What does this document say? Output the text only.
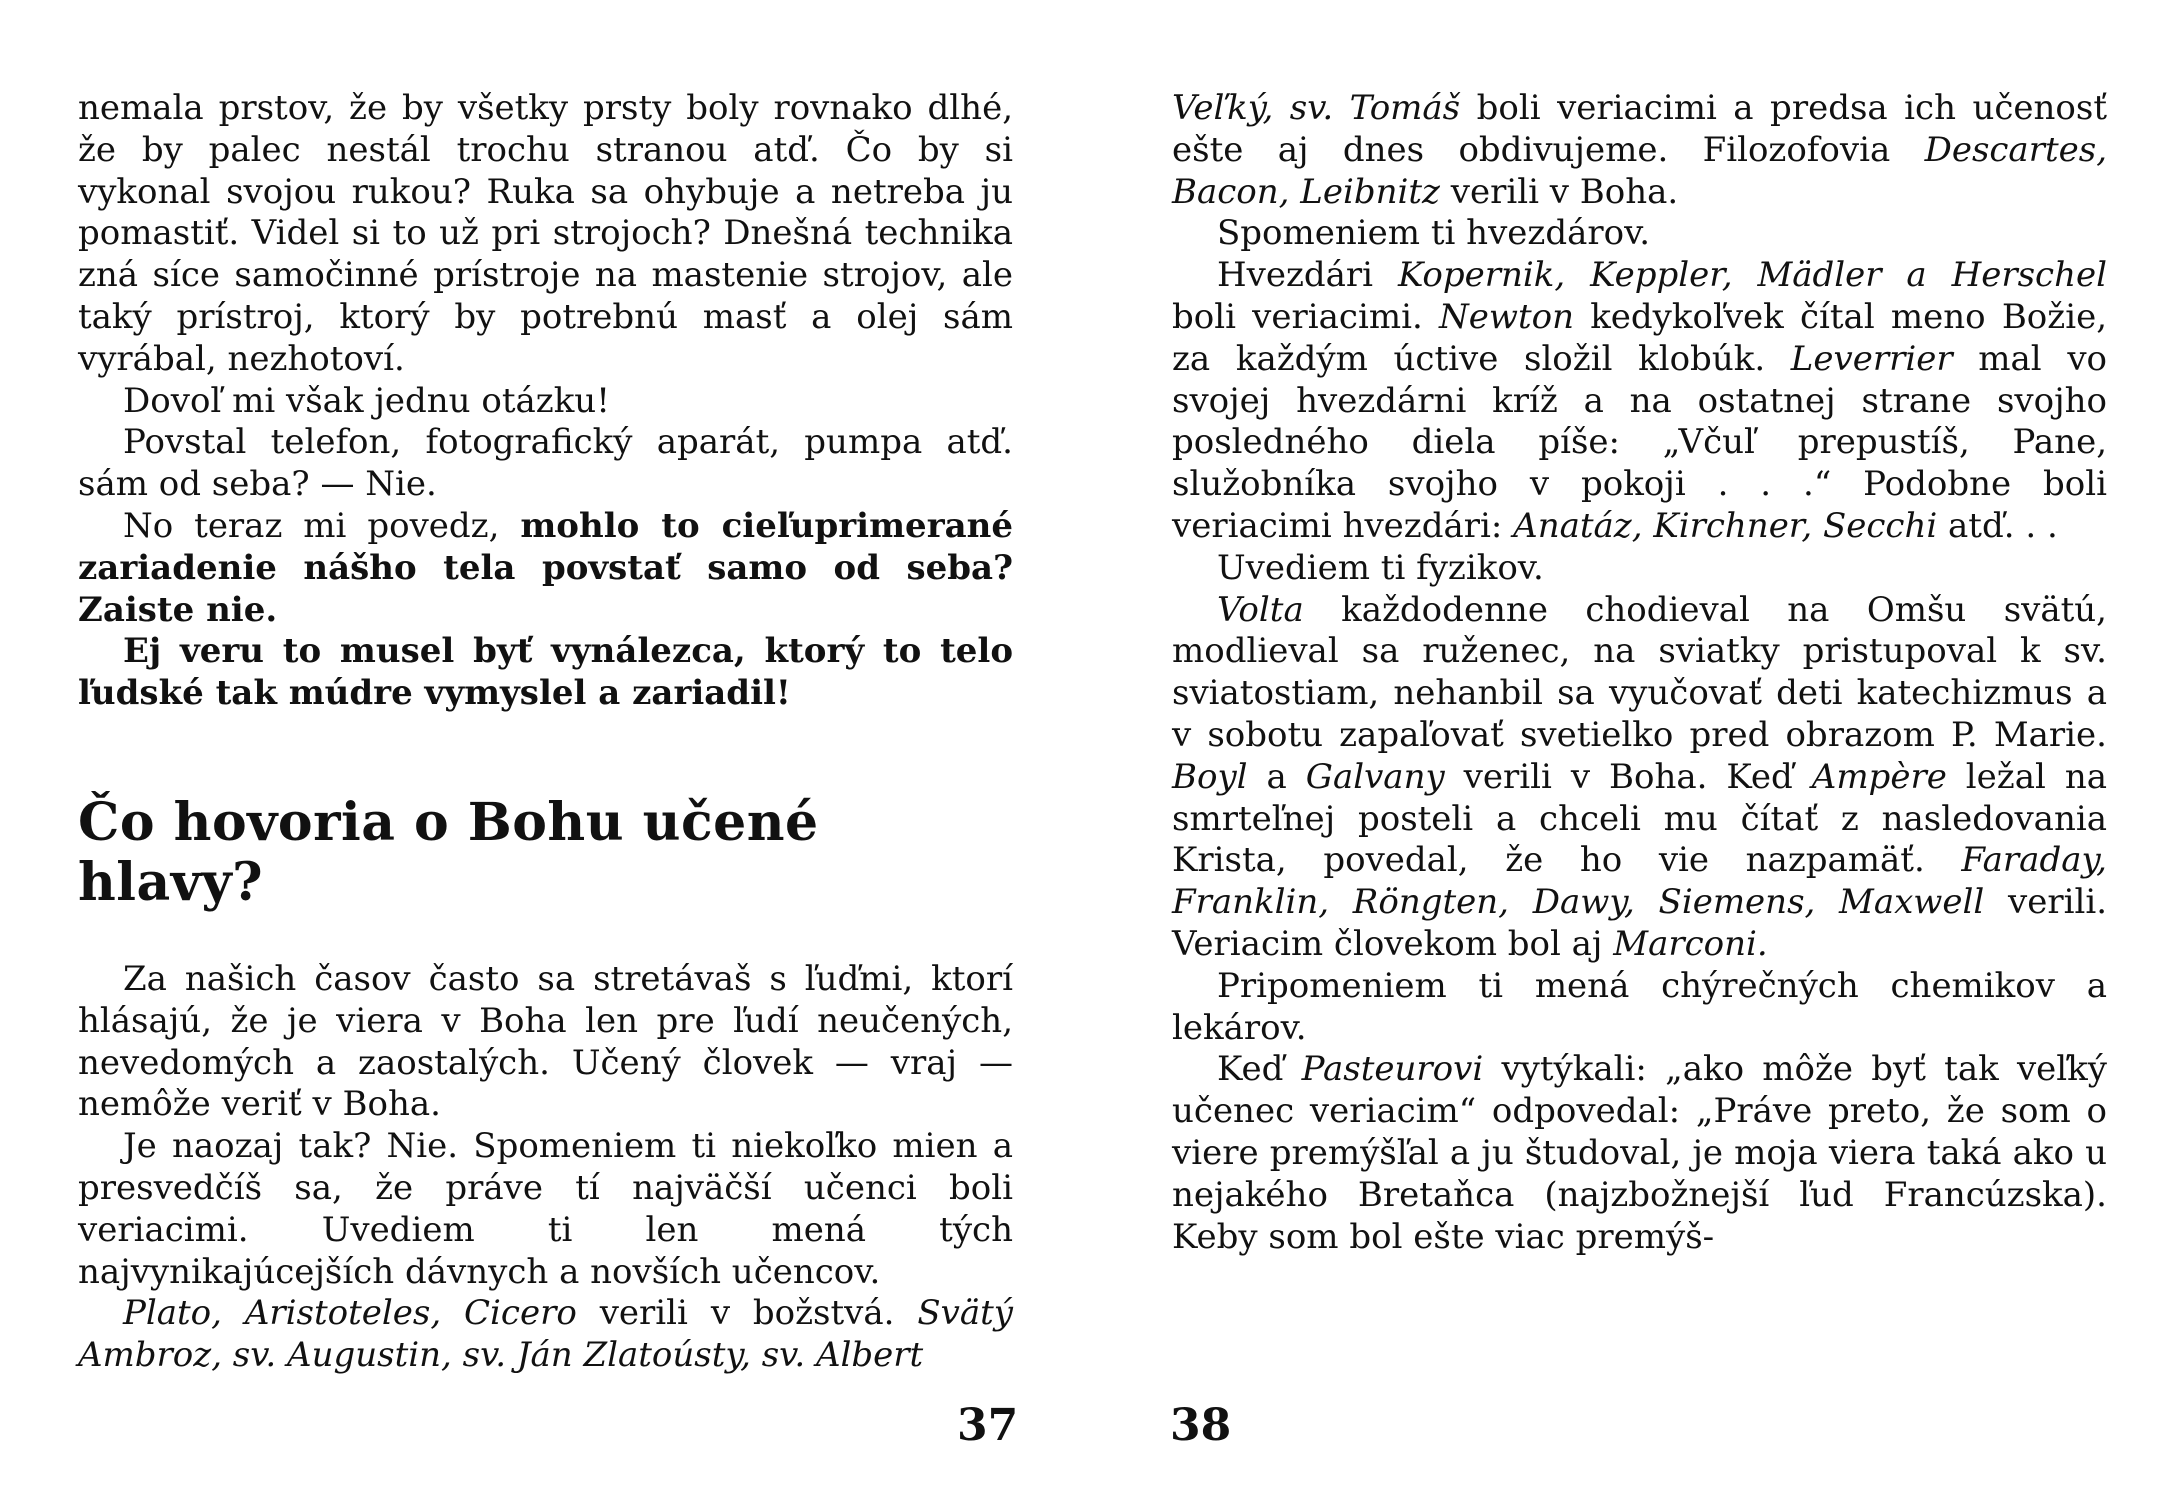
nemala prstov, že by všetky prsty boly rovnako dlhé, že by palec nestál trochu stranou atď. Čo by si vykonal svojou rukou? Ruka sa ohybuje a netreba ju pomastiť. Videl si to už pri strojoch? Dnešná technika zná síce samočinné prístroje na mastenie strojov, ale taký prístroj, ktorý by potrebnú masť a olej sám vyrábal, nezhotoví.

Dovoľ mi však jednu otázku!

Povstal telefon, fotografický aparát, pumpa atď. sám od seba? — Nie.

No teraz mi povedz, mohlo to cieľuprimerané zariadenie nášho tela povstať samo od seba? Zaiste nie.

Ej veru to musel byť vynálezca, ktorý to telo ľudské tak múdre vymyslel a zariadil!

Čo hovoria o Bohu učené hlavy?

Za našich časov často sa stretávaš s ľuďmi, ktorí hlásajú, že je viera v Boha len pre ľudí neučených, nevedomých a zaostalých. Učený človek — vraj — nemôže veriť v Boha.

Je naozaj tak? Nie. Spomeniem ti niekoľko mien a presvedčíš sa, že práve tí najväčší učenci boli veriacimi. Uvediem ti len mená tých najvynikajúcejších dávnych a novších učencov.

Plato, Aristoteles, Cicero verili v božstvá. Svätý Ambroz, sv. Augustin, sv. Ján Zlatoústy, sv. Albert

37

Veľký, sv. Tomáš boli veriacimi a predsa ich učenosť ešte aj dnes obdivujeme. Filozofovia Descartes, Bacon, Leibnitz verili v Boha.

Spomeniem ti hvezdárov.

Hvezdári Kopernik, Keppler, Mädler a Herschel boli veriacimi. Newton kedykoľvek čítal meno Božie, za každým úctive složil klobúk. Leverrier mal vo svojej hvezdárni kríž a na ostatnej strane svojho posledného diela píše: „Včuľ prepustíš, Pane, služobníka svojho v pokoji . . .“ Podobne boli veriacimi hvezdári: Anatáz, Kirchner, Secchi atď. . .

Uvediem ti fyzikov.

Volta každodenne chodieval na Omšu svätú, modlieval sa ruženec, na sviatky pristupoval k sv. sviatostiam, nehanbil sa vyučovať deti katechizmus a v sobotu zapaľovať svetielko pred obrazom P. Marie. Boyl a Galvany verili v Boha. Keď Ampère ležal na smrteľnej posteli a chceli mu čítať z nasledovania Krista, povedal, že ho vie nazpamäť. Faraday, Franklin, Röngten, Dawy, Siemens, Maxwell verili. Veriacim človekom bol aj Marconi.

Pripomeniem ti mená chýrečných chemikov a lekárov.

Keď Pasteurovi vytýkali: „ako môže byť tak veľký učenec veriacim“ odpovedal: „Práve preto, že som o viere premýšľal a ju študoval, je moja viera taká ako u nejakého Bretaňca (najzbožnejší ľud Francúzska). Keby som bol ešte viac premýš-

38
